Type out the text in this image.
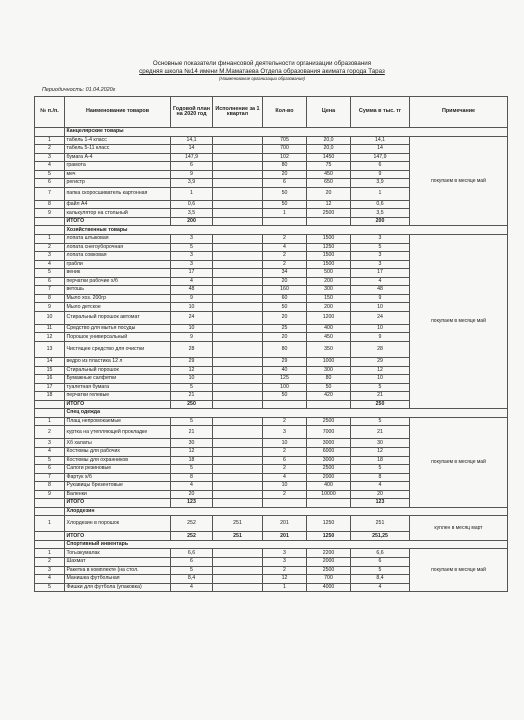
Основные показатели финансовой деятельности организации образования
средняя школа №14 имени М.Маматаева Отдела образования акимата города Тараз
(Наименование организации образования)
Периодичность: 01.04.2020г
№ п./п.	Наименование товаров	Годовой план на 2020 год	Исполнение за 1 квартал	Кол-во	Цена	Сумма в тыс. тг	Примечание
	Канцелярские товары						
1	табель 1-4 класс	14,1		705	20,0	14,1	покупаем в месяце май
2	табель 5-11 класс	14		700	20,0	14	
3	бумага А-4	147,9		102	1450	147,9	
4	грамота	6		80	75	6	
5	меч	9		20	450	9	
6	регистр	3,9		6	650	3,9	
7	папка скоросшиватель картонная	1		50	20	1	
8	файл А4	0,6		50	12	0,6	
9	калькулятор на стольный	3,5		1	2500	3,5	
	ИТОГО	200				200	
	Хозяйственные товары						
1	лопата штыковая	3		2	1500	3	покупаем в месяце май
2	лопата снегоуборочная	5		4	1250	5	
3	лопата совковая	3		2	1500	3	
4	грабли	3		2	1500	3	
5	веник	17		34	500	17	
6	перчатки рабочие х/б	4		20	200	4	
7	ветошь	48		160	300	48	
8	Мыло хоз. 200гр	9		60	150	9	
9	Мыло детское	10		50	200	10	
10	Стиральный порошок автомат	24		20	1200	24	
11	Средство для мытья посуды	10		25	400	10	
12	Порошок универсальный	9		20	450	9	
13	Чистящее средство для очистки	28		80	350	28	
14	ведро из пластика 12 л	29		29	1000	29	
15	Стиральный порошок	12		40	300	12	
16	Бумажные салфетки	10		125	80	10	
17	туалетная бумага	5		100	50	5	
18	перчатки гелевые	21		50	420	21	
	ИТОГО	250				250	
	Спец одежда						
1	Плащ непромокаемые	5		2	2500	5	покупаем в месяце май
2	куртка на утепляющей прокладке	21		3	7000	21	
3	Хб халаты	30		10	3000	30	
4	Костюмы для рабочих	12		2	6000	12	
5	Костюмы для охранников	18		6	3000	18	
6	Сапоги резиновые	5		2	2500	5	
7	Фартук х/б	8		4	2000	8	
8	Рукавицы брезентовые	4		10	400	4	
9	Валенки	20		2	10000	20	
	ИТОГО	123				123	
	Хлордезин						
1	Хлордезин в порошок	252	251	201	1250	251	куплен в месяц март
	ИТОГО	252	251	201	1250	251,25	
	Спортивный инвентарь						
1	Тогызкумалак	6,6		3	2200	6,6	покупаем в месяце май
2	Шахмат	6		3	2000	6	
3	Ракетка в комплекте (на стол.	5		2	2500	5	
4	Манишка футбольная	8,4		12	700	8,4	
5	Фишки для футбола (упаковка)	4		1	4000	4	
